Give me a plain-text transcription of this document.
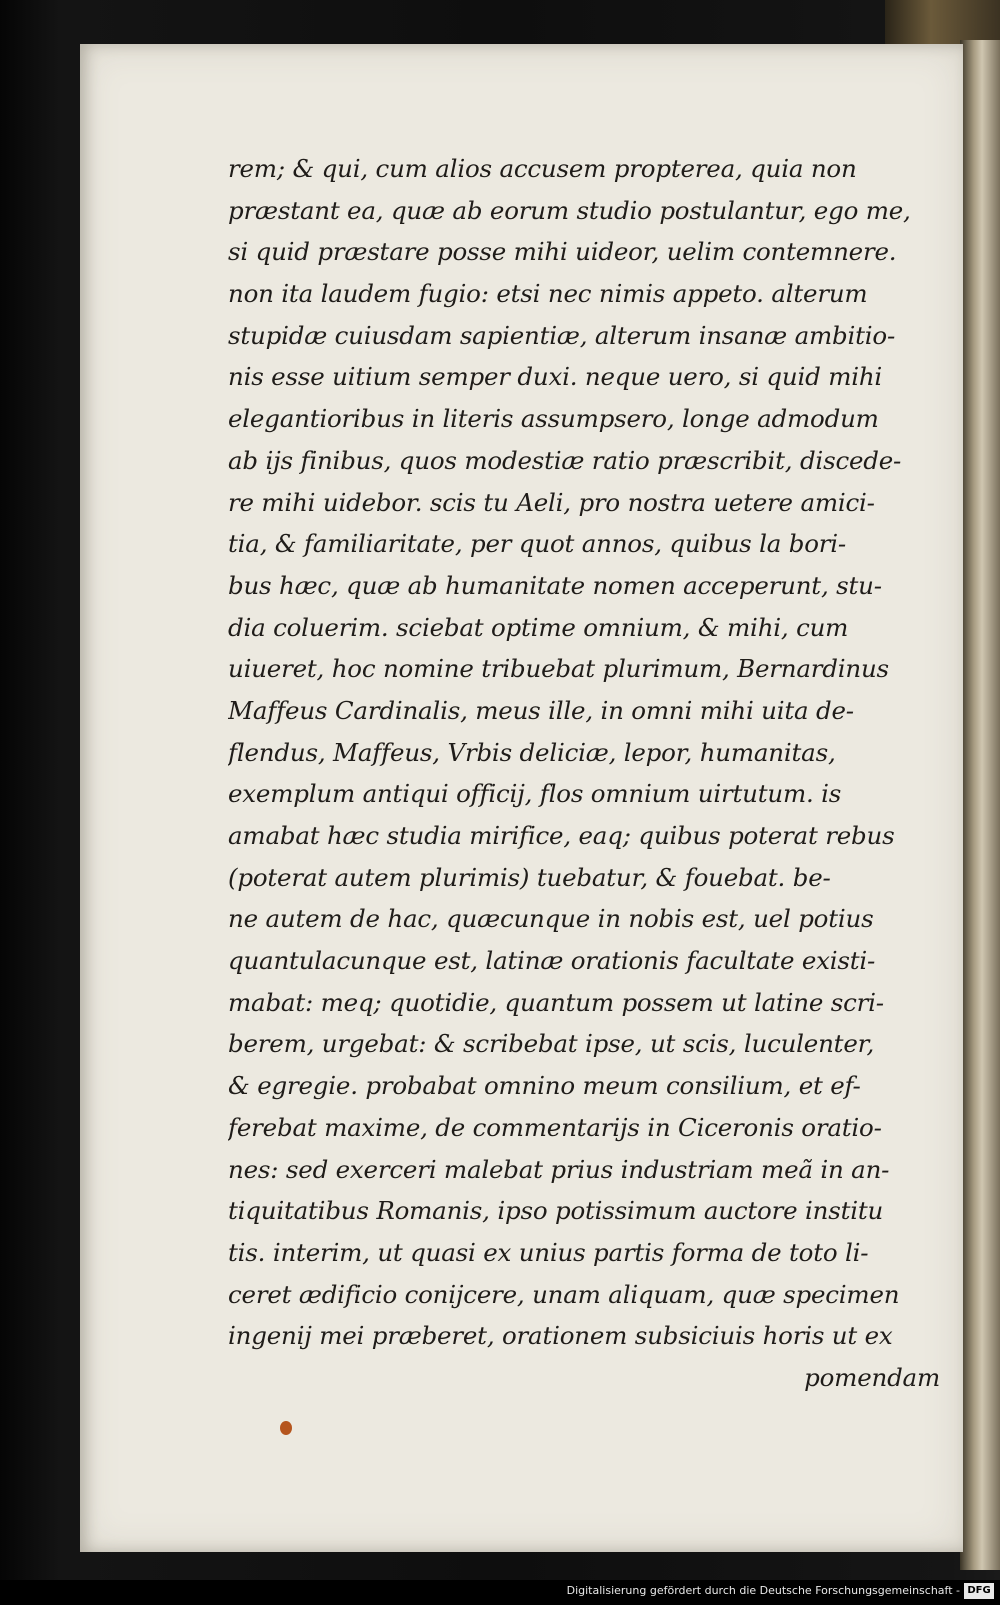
rem; & qui, cum alios accusem propterea, quia non
præstant ea, quæ ab eorum studio postulantur, ego me,
si quid præstare posse mihi uideor, uelim contemnere.
non ita laudem fugio: etsi nec nimis appeto. alterum
stupidæ cuiusdam sapientiæ, alterum insanæ ambitio-
nis esse uitium semper duxi. neque uero, si quid mihi
elegantioribus in literis assumpsero, longe admodum
ab ijs finibus, quos modestiæ ratio præscribit, discede-
re mihi uidebor. scis tu Aeli, pro nostra uetere amici-
tia, & familiaritate, per quot annos, quibus la bori-
bus hæc, quæ ab humanitate nomen acceperunt, stu-
dia coluerim. sciebat optime omnium, & mihi, cum
uiueret, hoc nomine tribuebat plurimum, Bernardinus
Maffeus Cardinalis, meus ille, in omni mihi uita de-
flendus, Maffeus, Vrbis deliciæ, lepor, humanitas,
exemplum antiqui officij, flos omnium uirtutum. is
amabat hæc studia mirifice, eaq; quibus poterat rebus
(poterat autem plurimis) tuebatur, & fouebat. be-
ne autem de hac, quæcunque in nobis est, uel potius
quantulacunque est, latinæ orationis facultate existi-
mabat: meq; quotidie, quantum possem ut latine scri-
berem, urgebat: & scribebat ipse, ut scis, luculenter,
& egregie. probabat omnino meum consilium, et ef-
ferebat maxime, de commentarijs in Ciceronis oratio-
nes: sed exerceri malebat prius industriam meã in an-
tiquitatibus Romanis, ipso potissimum auctore institu
tis. interim, ut quasi ex unius partis forma de toto li-
ceret ædificio conijcere, unam aliquam, quæ specimen
ingenij mei præberet, orationem subsiciuis horis ut ex
pomendam
Digitalisierung gefördert durch die Deutsche Forschungsgemeinschaft - DFG
